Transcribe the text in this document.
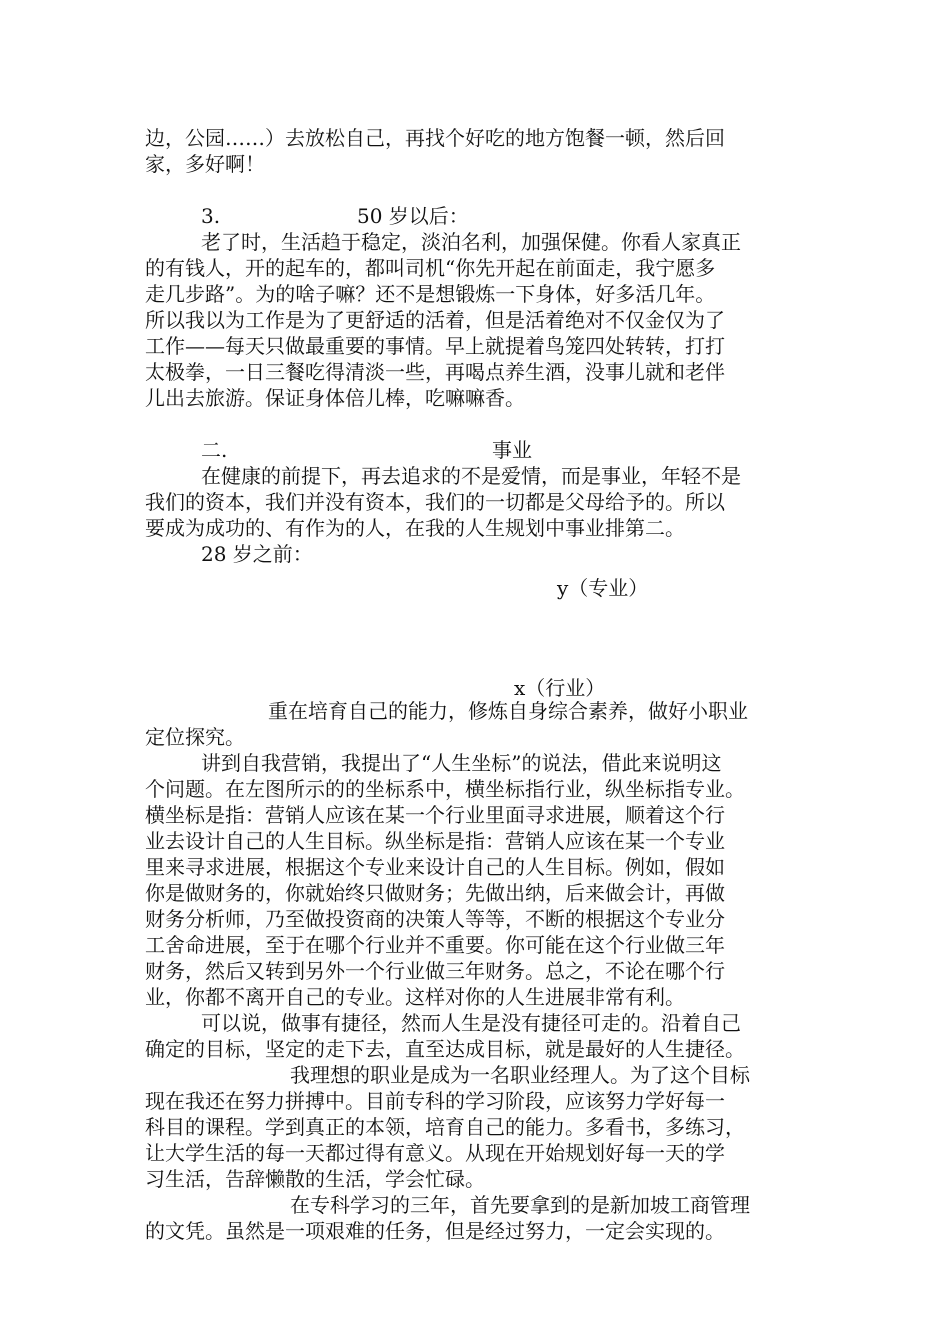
边，公园……）去放松自己，再找个好吃的地方饱餐一顿，然后回

家，多好啊！

3.	50 岁以后：

老了时，生活趋于稳定，淡泊名利，加强保健。你看人家真正

的有钱人，开的起车的，都叫司机“你先开起在前面走，我宁愿多

走几步路”。为的啥子嘛？还不是想锻炼一下身体，好多活几年。

所以我以为工作是为了更舒适的活着，但是活着绝对不仅金仅为了

工作——每天只做最重要的事情。早上就提着鸟笼四处转转，打打

太极拳，一日三餐吃得清淡一些，再喝点养生酒，没事儿就和老伴

儿出去旅游。保证身体倍儿棒，吃嘛嘛香。

二.	事业

在健康的前提下，再去追求的不是爱情，而是事业，年轻不是

我们的资本，我们并没有资本，我们的一切都是父母给予的。所以

要成为成功的、有作为的人，在我的人生规划中事业排第二。

28 岁之前：

y（专业）

x（行业）

重在培育自己的能力，修炼自身综合素养，做好小职业

定位探究。

讲到自我营销，我提出了“人生坐标”的说法，借此来说明这

个问题。在左图所示的的坐标系中，横坐标指行业，纵坐标指专业。

横坐标是指：营销人应该在某一个行业里面寻求进展，顺着这个行

业去设计自己的人生目标。纵坐标是指：营销人应该在某一个专业

里来寻求进展，根据这个专业来设计自己的人生目标。例如，假如

你是做财务的，你就始终只做财务；先做出纳，后来做会计，再做

财务分析师，乃至做投资商的决策人等等，不断的根据这个专业分

工舍命进展，至于在哪个行业并不重要。你可能在这个行业做三年

财务，然后又转到另外一个行业做三年财务。总之，不论在哪个行

业，你都不离开自己的专业。这样对你的人生进展非常有利。

可以说，做事有捷径，然而人生是没有捷径可走的。沿着自己

确定的目标，坚定的走下去，直至达成目标，就是最好的人生捷径。

我理想的职业是成为一名职业经理人。为了这个目标

现在我还在努力拼搏中。目前专科的学习阶段，应该努力学好每一

科目的课程。学到真正的本领，培育自己的能力。多看书，多练习，

让大学生活的每一天都过得有意义。从现在开始规划好每一天的学

习生活，告辞懒散的生活，学会忙碌。

在专科学习的三年，首先要拿到的是新加坡工商管理

的文凭。虽然是一项艰难的任务，但是经过努力，一定会实现的。
